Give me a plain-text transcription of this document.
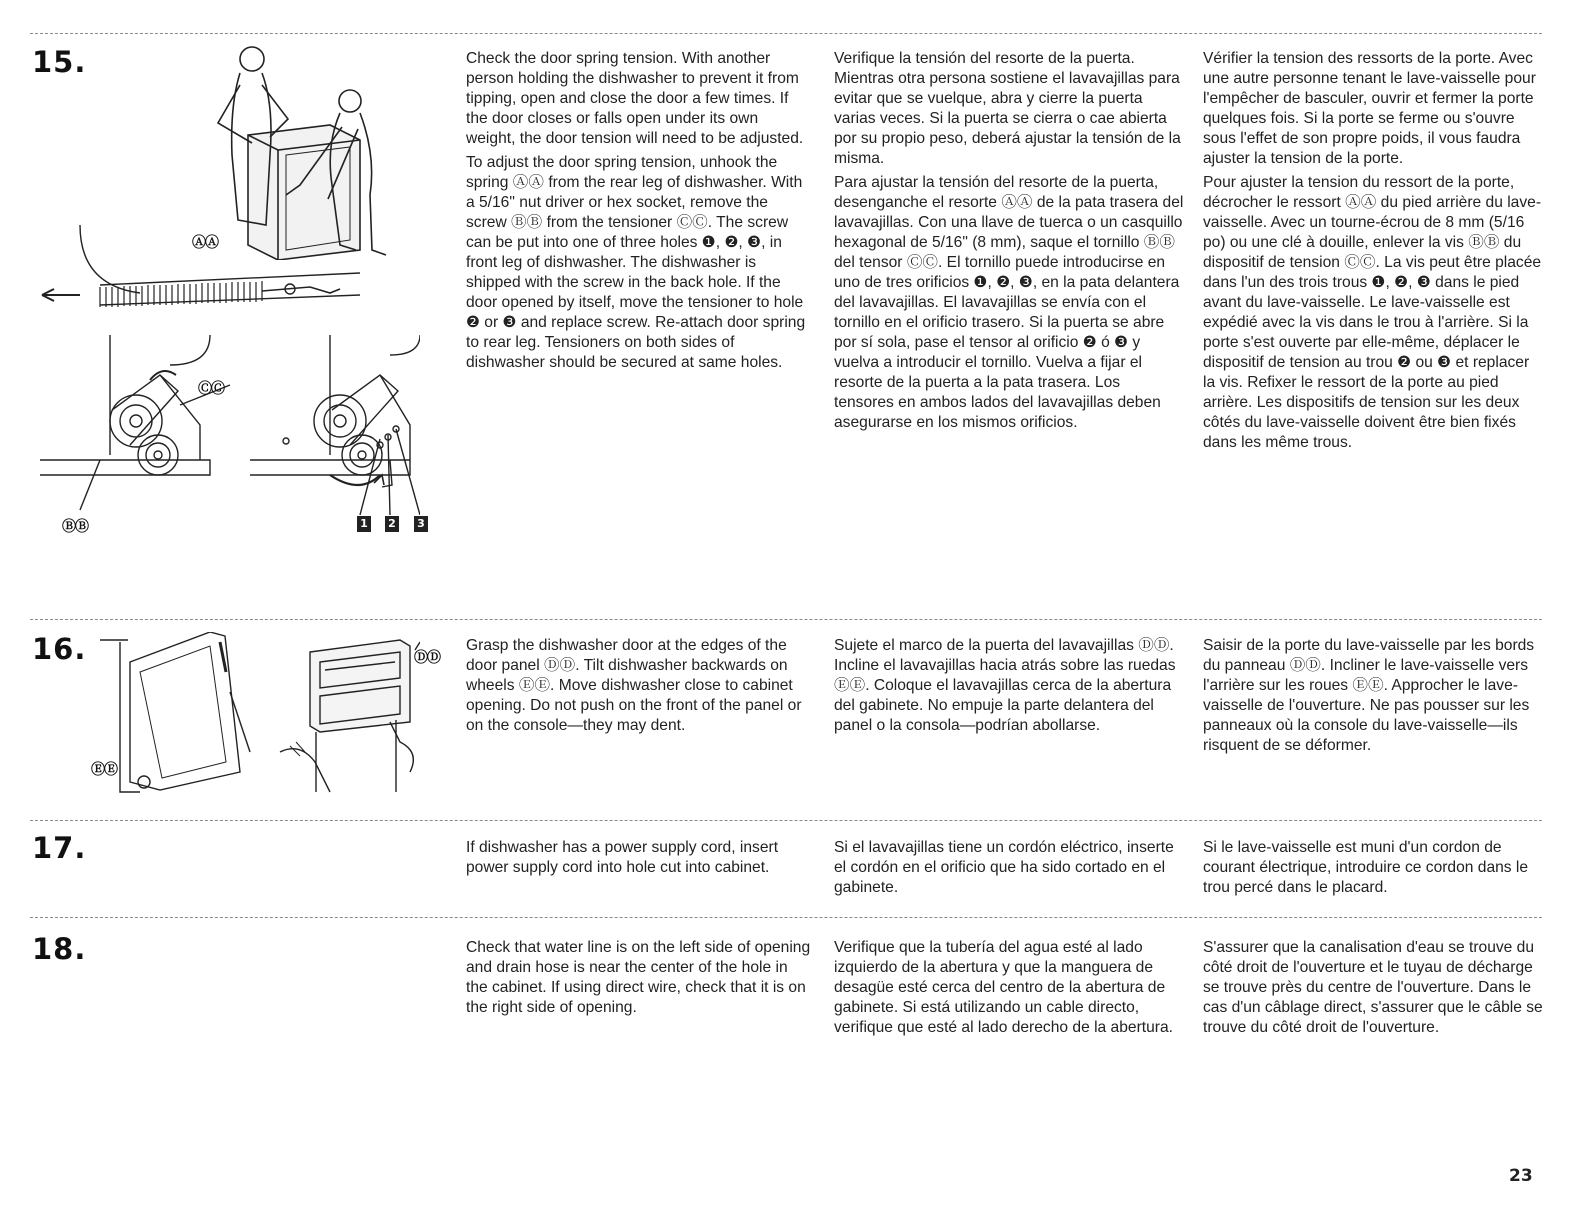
15.
ⒶⒶ
ⒸⒸ
ⒷⒷ	1 2 3

Check the door spring tension. With another person holding the dishwasher to prevent it from tipping, open and close the door a few times. If the door closes or falls open under its own weight, the door tension will need to be adjusted.

To adjust the door spring tension, unhook the spring ⒶⒶ from the rear leg of dishwasher. With a 5/16" nut driver or hex socket, remove the screw ⒷⒷ from the tensioner ⒸⒸ. The screw can be put into one of three holes ❶, ❷, ❸, in front leg of dishwasher. The dishwasher is shipped with the screw in the back hole. If the door opened by itself, move the tensioner to hole ❷ or ❸ and replace screw. Re-attach door spring to rear leg. Tensioners on both sides of dishwasher should be secured at same holes.

Verifique la tensión del resorte de la puerta. Mientras otra persona sostiene el lavavajillas para evitar que se vuelque, abra y cierre la puerta varias veces. Si la puerta se cierra o cae abierta por su propio peso, deberá ajustar la tensión de la misma.

Para ajustar la tensión del resorte de la puerta, desenganche el resorte ⒶⒶ de la pata trasera del lavavajillas. Con una llave de tuerca o un casquillo hexagonal de 5/16" (8 mm), saque el tornillo ⒷⒷ del tensor ⒸⒸ. El tornillo puede introducirse en uno de tres orificios ❶, ❷, ❸, en la pata delantera del lavavajillas. El lavavajillas se envía con el tornillo en el orificio trasero. Si la puerta se abre por sí sola, pase el tensor al orificio ❷ ó ❸ y vuelva a introducir el tornillo. Vuelva a fijar el resorte de la puerta a la pata trasera. Los tensores en ambos lados del lavavajillas deben asegurarse en los mismos orificios.

Vérifier la tension des ressorts de la porte. Avec une autre personne tenant le lave-vaisselle pour l'empêcher de basculer, ouvrir et fermer la porte quelques fois. Si la porte se ferme ou s'ouvre sous l'effet de son propre poids, il vous faudra ajuster la tension de la porte.

Pour ajuster la tension du ressort de la porte, décrocher le ressort ⒶⒶ du pied arrière du lave-vaisselle. Avec un tourne-écrou de 8 mm (5/16 po) ou une clé à douille, enlever la vis ⒷⒷ du dispositif de tension ⒸⒸ. La vis peut être placée dans l'un des trois trous ❶, ❷, ❸ dans le pied avant du lave-vaisselle. Le lave-vaisselle est expédié avec la vis dans le trou à l'arrière. Si la porte s'est ouverte par elle-même, déplacer le dispositif de tension au trou ❷ ou ❸ et replacer la vis. Refixer le ressort de la porte au pied arrière. Les dispositifs de tension sur les deux côtés du lave-vaisselle doivent être bien fixés dans les même trous.

16.	ⒹⒹ
ⒺⒺ

Grasp the dishwasher door at the edges of the door panel ⒹⒹ. Tilt dishwasher backwards on wheels ⒺⒺ. Move dishwasher close to cabinet opening. Do not push on the front of the panel or on the console—they may dent.

Sujete el marco de la puerta del lavavajillas ⒹⒹ. Incline el lavavajillas hacia atrás sobre las ruedas ⒺⒺ. Coloque el lavavajillas cerca de la abertura del gabinete. No empuje la parte delantera del panel o la consola—podrían abollarse.

Saisir de la porte du lave-vaisselle par les bords du panneau ⒹⒹ. Incliner le lave-vaisselle vers l'arrière sur les roues ⒺⒺ. Approcher le lave-vaisselle de l'ouverture. Ne pas pousser sur les panneaux où la console du lave-vaisselle—ils risquent de se déformer.

17.	If dishwasher has a power supply cord, insert power supply cord into hole cut into cabinet.

Si el lavavajillas tiene un cordón eléctrico, inserte el cordón en el orificio que ha sido cortado en el gabinete.

Si le lave-vaisselle est muni d'un cordon de courant électrique, introduire ce cordon dans le trou percé dans le placard.

18.	Check that water line is on the left side of opening and drain hose is near the center of the hole in the cabinet. If using direct wire, check that it is on the right side of opening.

Verifique que la tubería del agua esté al lado izquierdo de la abertura y que la manguera de desagüe esté cerca del centro de la abertura de gabinete. Si está utilizando un cable directo, verifique que esté al lado derecho de la abertura.

S'assurer que la canalisation d'eau se trouve du côté droit de l'ouverture et le tuyau de décharge se trouve près du centre de l'ouverture. Dans le cas d'un câblage direct, s'assurer que le câble se trouve du côté droit de l'ouverture.

23
